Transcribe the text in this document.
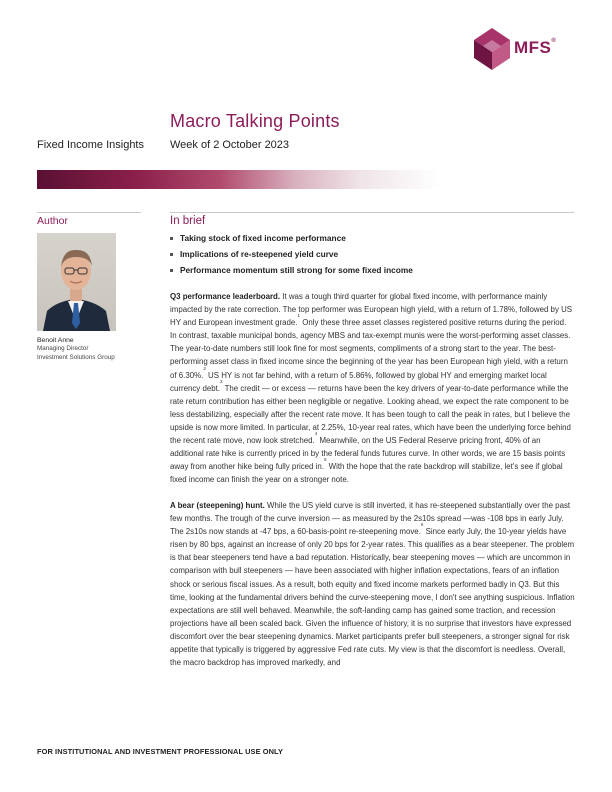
MFS®
Macro Talking Points
Fixed Income Insights Week of 2 October 2023
Author
Benoit Anne
Managing Director
Investment Solutions Group
In brief
Taking stock of fixed income performance
Implications of re-steepened yield curve
Performance momentum still strong for some fixed income

Q3 performance leaderboard. It was a tough third quarter for global fixed income, with performance mainly impacted by the rate correction. The top performer was European high yield, with a return of 1.78%, followed by US HY and European investment grade.$^1$ Only these three asset classes registered positive returns during the period. In contrast, taxable municipal bonds, agency MBS and tax-exempt munis were the worst-performing asset classes. The year-to-date numbers still look fine for most segments, compliments of a strong start to the year. The best-performing asset class in fixed income since the beginning of the year has been European high yield, with a return of 6.30%.$^2$ US HY is not far behind, with a return of 5.86%, followed by global HY and emerging market local currency debt.$^3$ The credit — or excess — returns have been the key drivers of year-to-date performance while the rate return contribution has either been negligible or negative. Looking ahead, we expect the rate component to be less destabilizing, especially after the recent rate move. It has been tough to call the peak in rates, but I believe the upside is now more limited. In particular, at 2.25%, 10-year real rates, which have been the underlying force behind the recent rate move, now look stretched.$^4$ Meanwhile, on the US Federal Reserve pricing front, 40% of an additional rate hike is currently priced in by the federal funds futures curve. In other words, we are 15 basis points away from another hike being fully priced in.$^5$ With the hope that the rate backdrop will stabilize, let's see if global fixed income can finish the year on a stronger note.

A bear (steepening) hunt. While the US yield curve is still inverted, it has re-steepened substantially over the past few months. The trough of the curve inversion — as measured by the 2s10s spread —was -108 bps in early July. The 2s10s now stands at -47 bps, a 60-basis-point re-steepening move.$^6$ Since early July, the 10-year yields have risen by 80 bps, against an increase of only 20 bps for 2-year rates. This qualifies as a bear steepener. The problem is that bear steepeners tend have a bad reputation. Historically, bear steepening moves — which are uncommon in comparison with bull steepeners — have been associated with higher inflation expectations, fears of an inflation shock or serious fiscal issues. As a result, both equity and fixed income markets performed badly in Q3. But this time, looking at the fundamental drivers behind the curve-steepening move, I don't see anything suspicious. Inflation expectations are still well behaved. Meanwhile, the soft-landing camp has gained some traction, and recession projections have all been scaled back. Given the influence of history, it is no surprise that investors have expressed discomfort over the bear steepening dynamics. Market participants prefer bull steepeners, a stronger signal for risk appetite that typically is triggered by aggressive Fed rate cuts. My view is that the discomfort is needless. Overall, the macro backdrop has improved markedly, and

FOR INSTITUTIONAL AND INVESTMENT PROFESSIONAL USE ONLY
